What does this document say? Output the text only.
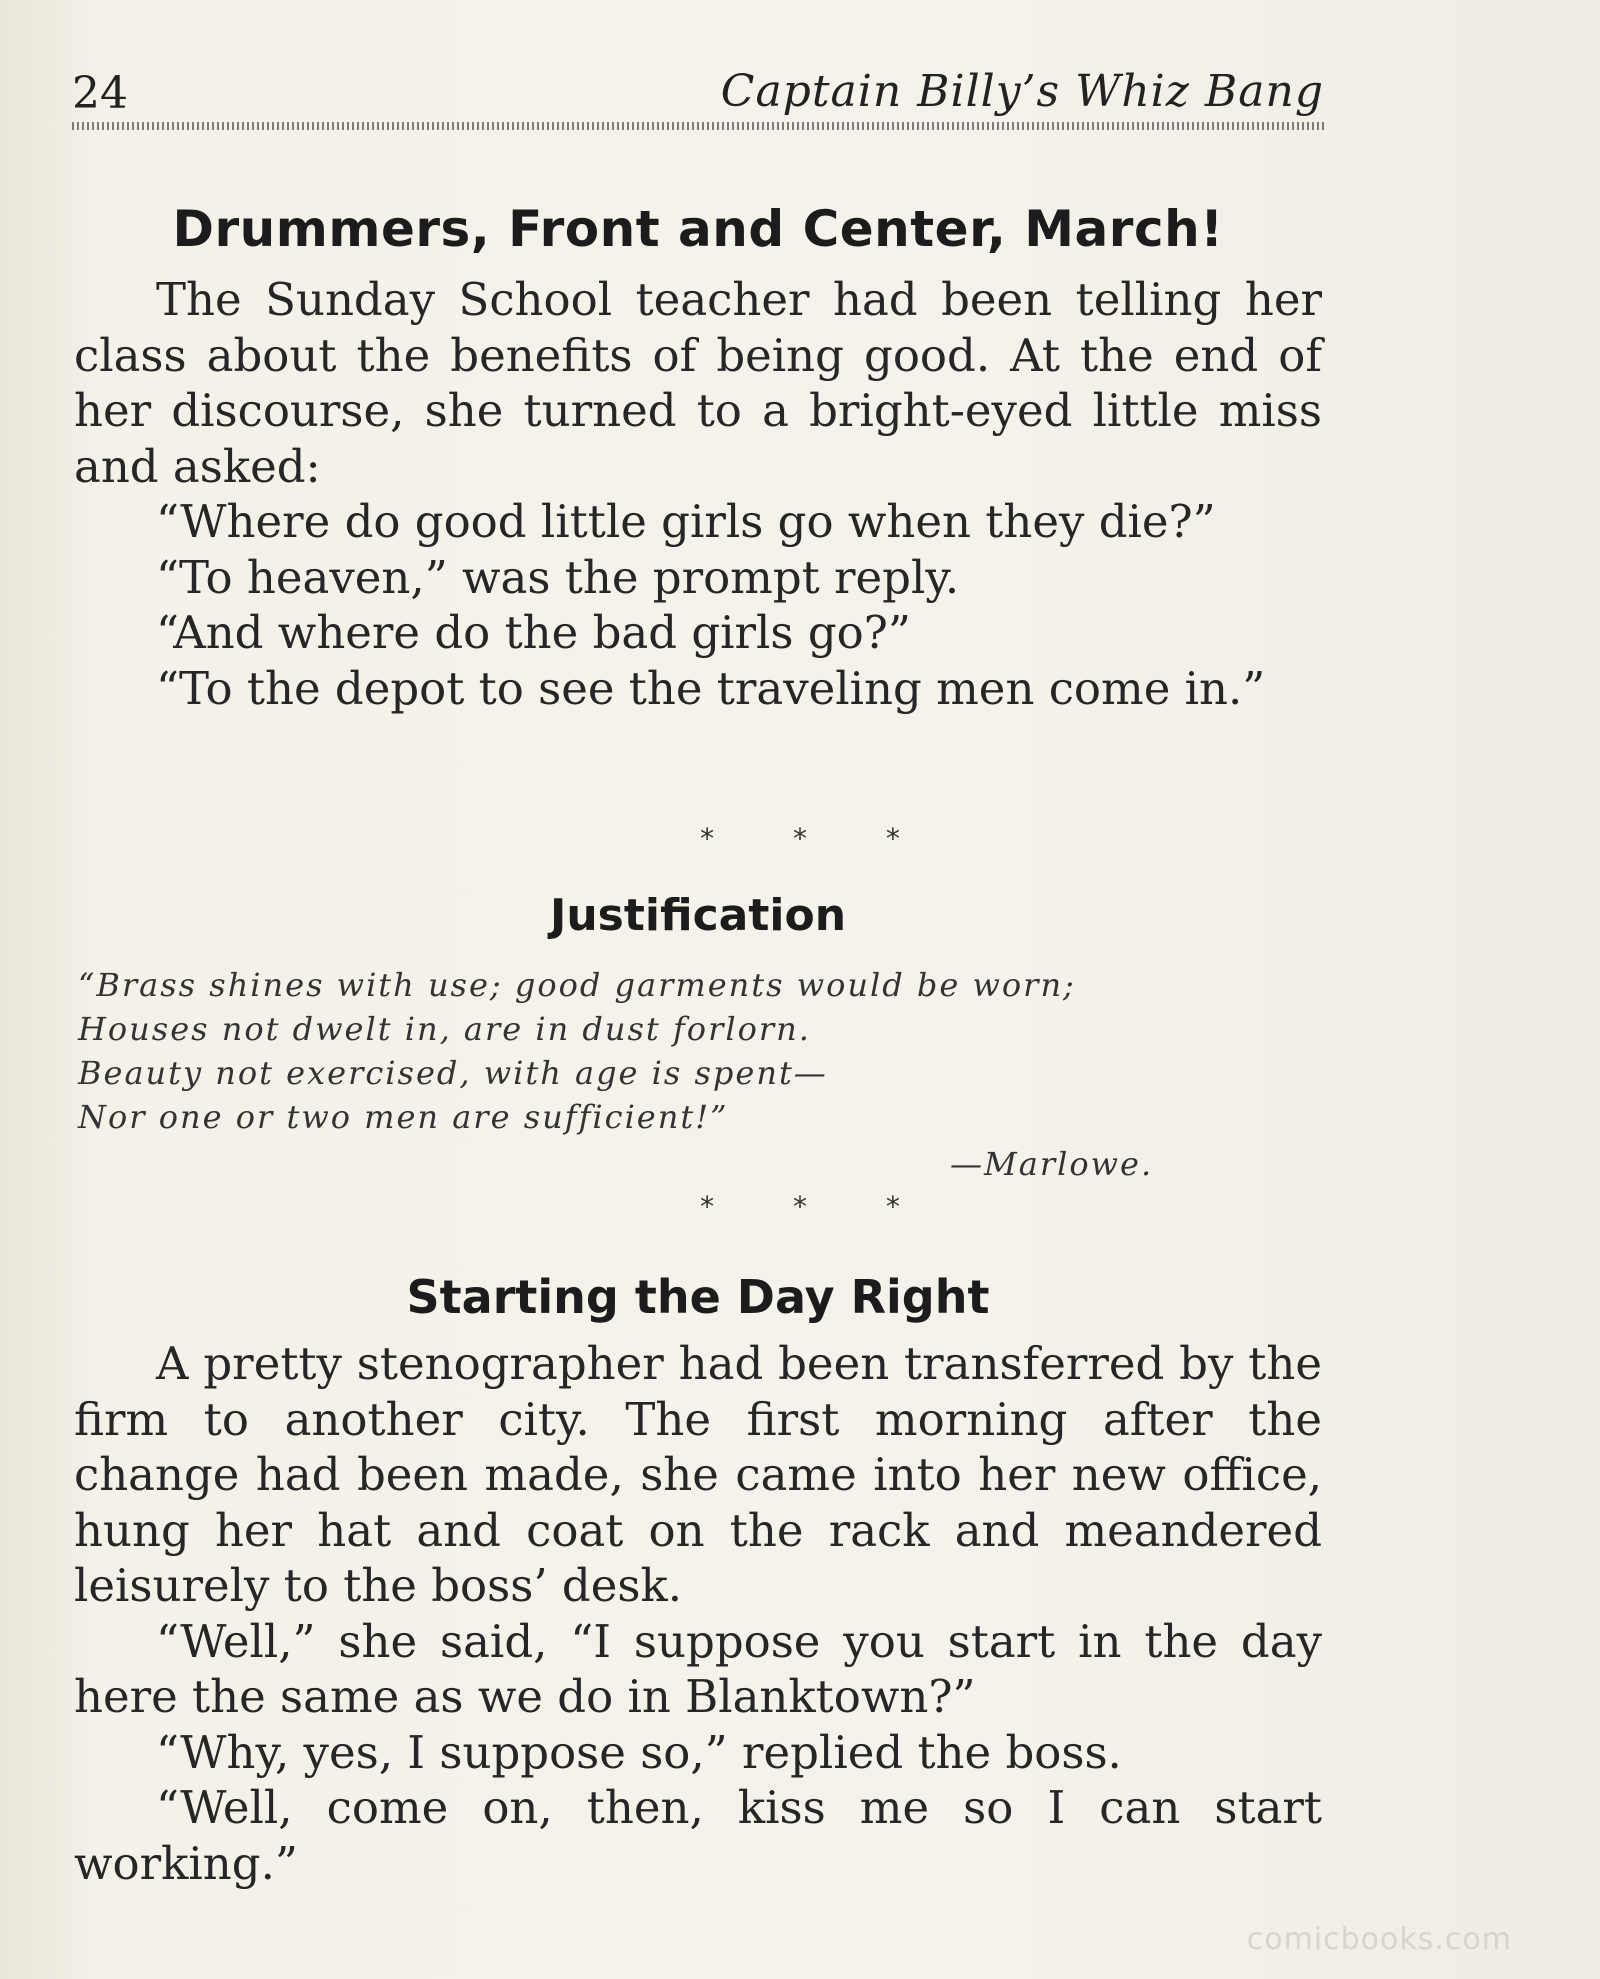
24	Captain Billy’s Whiz Bang
Drummers, Front and Center, March!

The Sunday School teacher had been telling her class about the benefits of being good. At the end of her discourse, she turned to a bright-eyed little miss and asked:

“Where do good little girls go when they die?”

“To heaven,” was the prompt reply.

“And where do the bad girls go?”

“To the depot to see the traveling men come in.”

* * *
Justification
“Brass shines with use; good garments would be worn;
Houses not dwelt in, are in dust forlorn.
Beauty not exercised, with age is spent—
Nor one or two men are sufficient!”
—Marlowe.
* * *
Starting the Day Right

A pretty stenographer had been transferred by the firm to another city. The first morning after the change had been made, she came into her new office, hung her hat and coat on the rack and meandered leisurely to the boss’ desk.

“Well,” she said, “I suppose you start in the day here the same as we do in Blanktown?”

“Why, yes, I suppose so,” replied the boss.

“Well, come on, then, kiss me so I can start working.”

comicbooks.com
